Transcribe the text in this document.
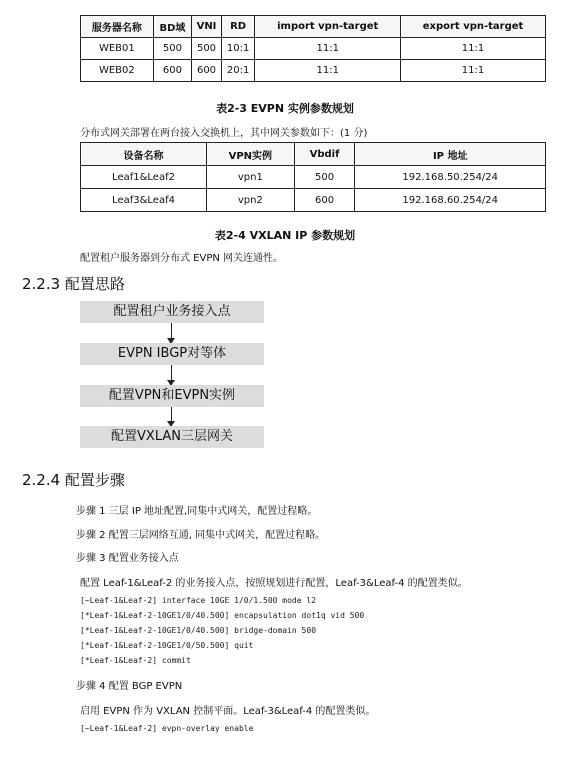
服务器名称	BD域	VNI	RD	import vpn-target	export vpn-target
WEB01	500	500	10:1	11:1	11:1
WEB02	600	600	20:1	11:1	11:1
表2-3 EVPN 实例参数规划
分布式网关部署在两台接入交换机上，其中网关参数如下：(1 分)
设备名称	VPN实例	Vbdif	IP 地址
Leaf1&Leaf2	vpn1	500	192.168.50.254/24
Leaf3&Leaf4	vpn2	600	192.168.60.254/24
表2-4 VXLAN IP 参数规划
配置租户服务器到分布式 EVPN 网关连通性。
2.2.3 配置思路
配置租户业务接入点
EVPN IBGP对等体
配置VPN和EVPN实例
配置VXLAN三层网关
2.2.4 配置步骤
步骤 1 三层 IP 地址配置,同集中式网关，配置过程略。
步骤 2 配置三层网络互通, 同集中式网关，配置过程略。
步骤 3 配置业务接入点
配置 Leaf-1&Leaf-2 的业务接入点，按照规划进行配置，Leaf-3&Leaf-4 的配置类似。
[~Leaf-1&Leaf-2] interface 10GE 1/0/1.500 mode l2
[*Leaf-1&Leaf-2-10GE1/0/40.500] encapsulation dot1q vid 500
[*Leaf-1&Leaf-2-10GE1/0/40.500] bridge-domain 500
[*Leaf-1&Leaf-2-10GE1/0/50.500] quit
[*Leaf-1&Leaf-2] commit
步骤 4 配置 BGP EVPN
启用 EVPN 作为 VXLAN 控制平面。Leaf-3&Leaf-4 的配置类似。
[~Leaf-1&Leaf-2] evpn-overlay enable
